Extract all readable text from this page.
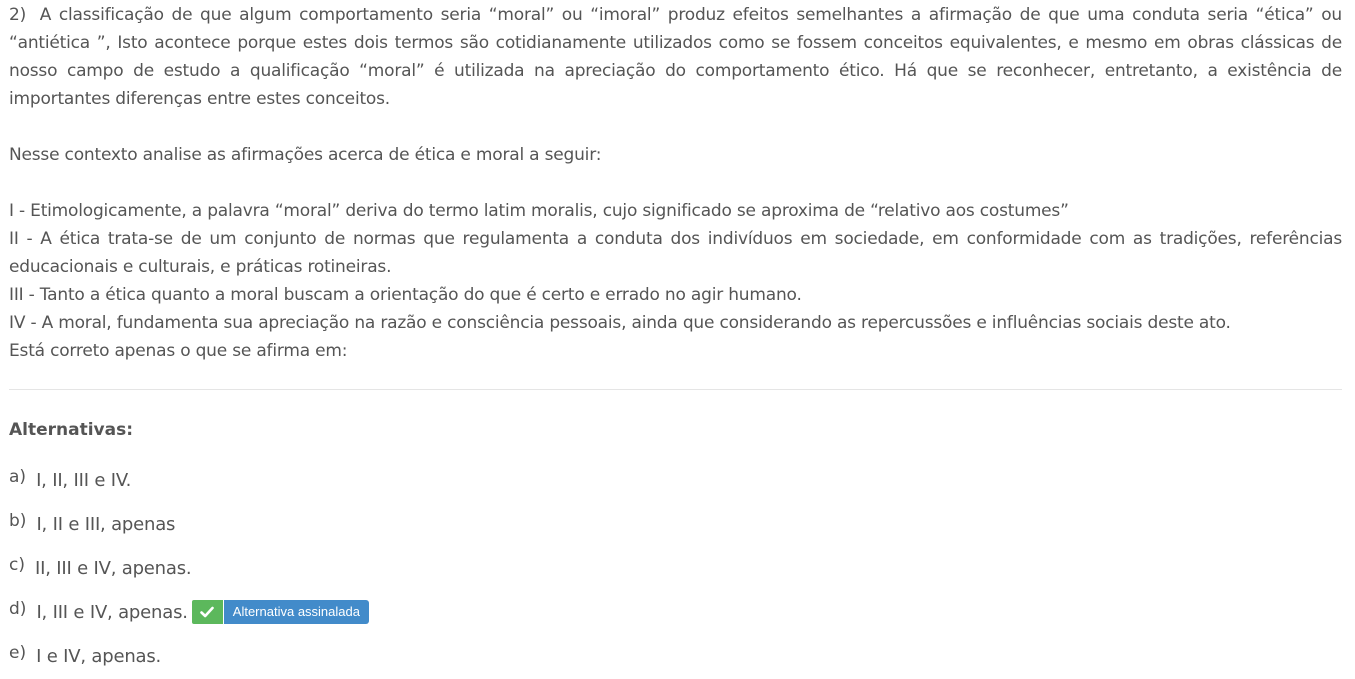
2) A classificação de que algum comportamento seria “moral” ou “imoral” produz efeitos semelhantes a afirmação de que uma conduta seria “ética” ou “antiética ”, Isto acontece porque estes dois termos são cotidianamente utilizados como se fossem conceitos equivalentes, e mesmo em obras clássicas de nosso campo de estudo a qualificação “moral” é utilizada na apreciação do comportamento ético. Há que se reconhecer, entretanto, a existência de importantes diferenças entre estes conceitos.

Nesse contexto analise as afirmações acerca de ética e moral a seguir:

I - Etimologicamente, a palavra “moral” deriva do termo latim moralis, cujo significado se aproxima de “relativo aos costumes”

II - A ética trata-se de um conjunto de normas que regulamenta a conduta dos indivíduos em sociedade, em conformidade com as tradições, referências educacionais e culturais, e práticas rotineiras.

III - Tanto a ética quanto a moral buscam a orientação do que é certo e errado no agir humano.

IV - A moral, fundamenta sua apreciação na razão e consciência pessoais, ainda que considerando as repercussões e influências sociais deste ato.

Está correto apenas o que se afirma em:

Alternativas:
a) I, II, III e IV.
b) I, II e III, apenas
c) II, III e IV, apenas.
d) I, III e IV, apenas.	Alternativa assinalada
e) I e IV, apenas.
